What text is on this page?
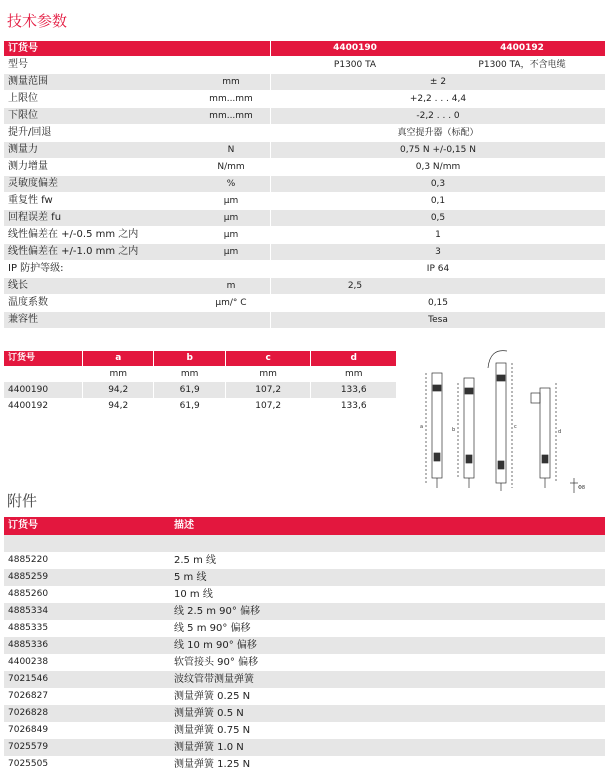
技术参数
订货号		4400190	4400192
型号		P1300 TA	P1300 TA，不含电缆
测量范围	mm	± 2	
上限位	mm...mm	+2,2 . . . 4,4	
下限位	mm...mm	-2,2 . . . 0	
提升/回退		真空提升器（标配）	
测量力	N	0,75 N +/-0,15 N	
测力增量	N/mm	0,3 N/mm	
灵敏度偏差	%	0,3	
重复性 fw	µm	0,1	
回程误差 fu	µm	0,5	
线性偏差在 +/-0.5 mm 之内	µm	1	
线性偏差在 +/-1.0 mm 之内	µm	3	
IP 防护等级:		IP 64	
线长	m	2,5	
温度系数	µm/° C	0,15	
兼容性		Tesa	
订货号	a	b	c	d
	mm	mm	mm	mm
4400190	94,2	61,9	107,2	133,6
4400192	94,2	61,9	107,2	133,6
a	b	c
d
Φ8
附件
订货号	描述

4885220	2.5 m 线
4885259	5 m 线
4885260	10 m 线
4885334	线 2.5 m 90° 偏移
4885335	线 5 m 90° 偏移
4885336	线 10 m 90° 偏移
4400238	软管接头 90° 偏移
7021546	波纹管带测量弹簧
7026827	测量弹簧 0.25 N
7026828	测量弹簧 0.5 N
7026849	测量弹簧 0.75 N
7025579	测量弹簧 1.0 N
7025505	测量弹簧 1.25 N
